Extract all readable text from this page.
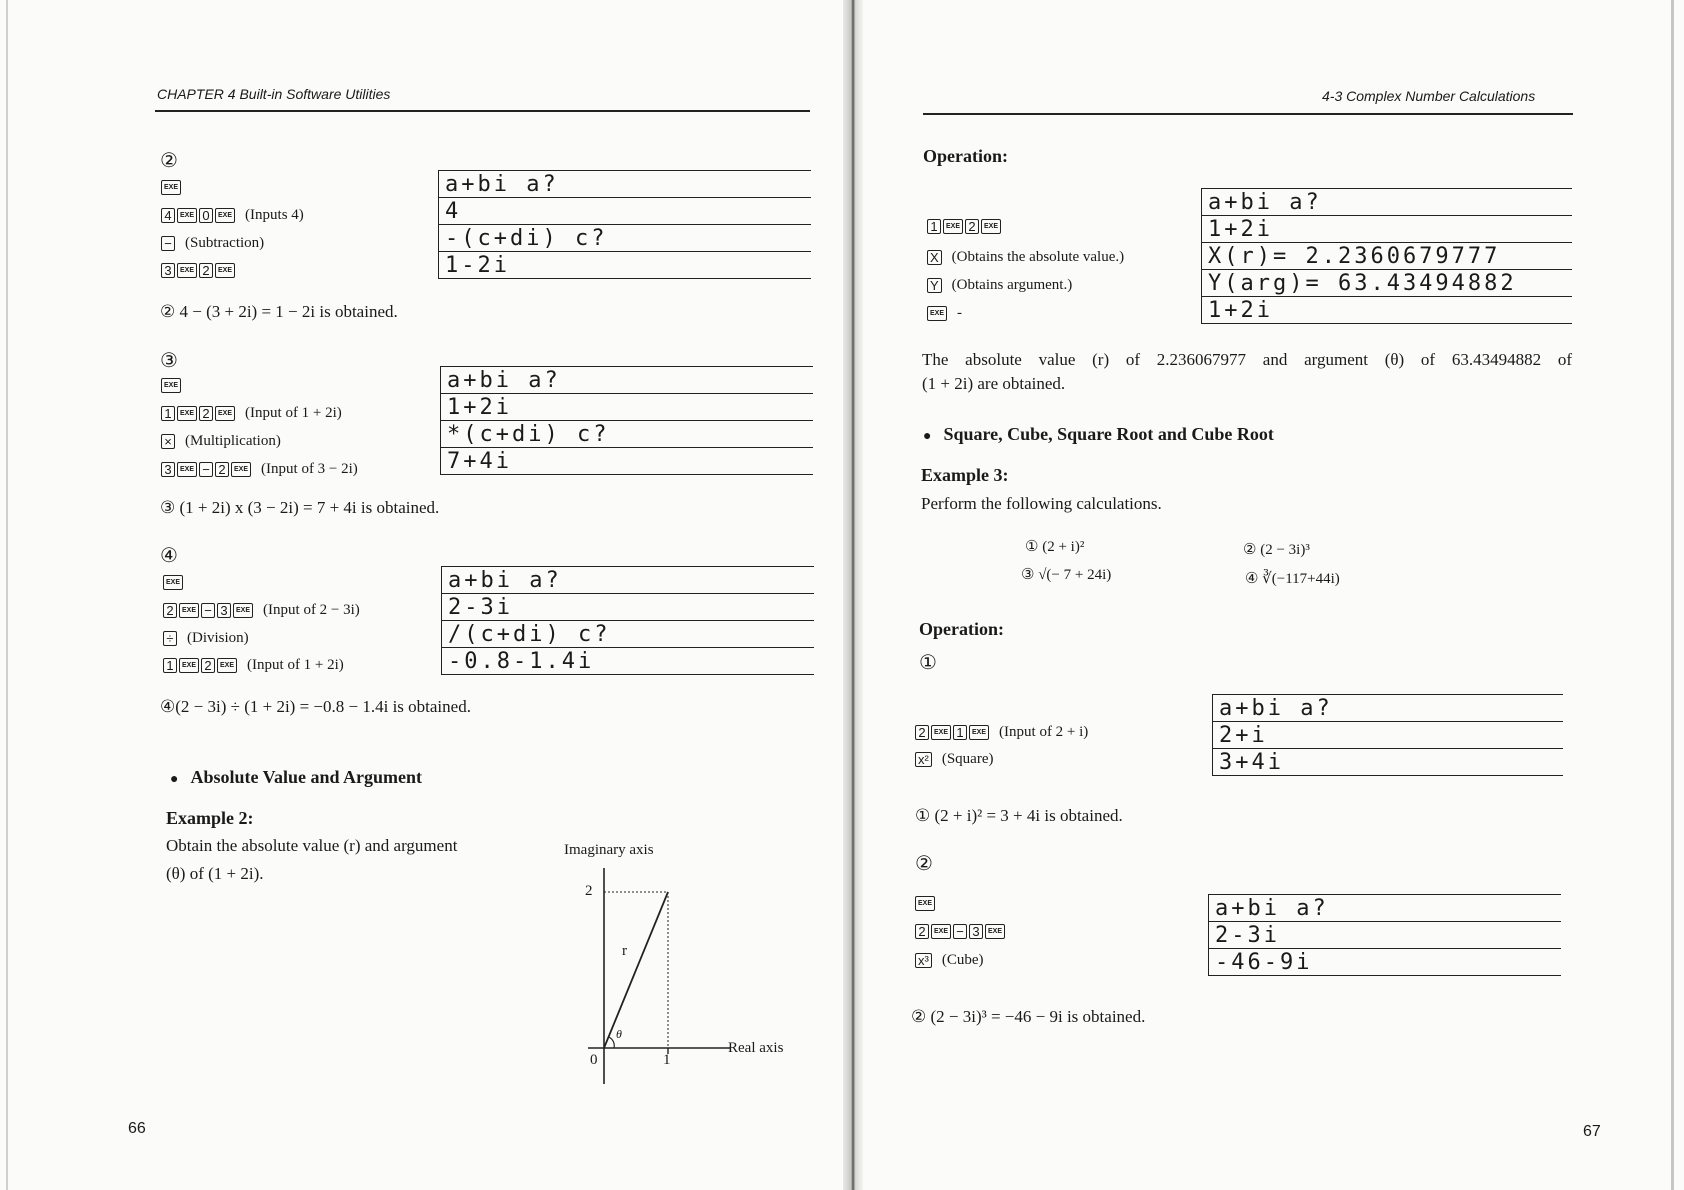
CHAPTER 4 Built-in Software Utilities
②
EXE
4	EXE 0	EXE (Inputs 4)
− (Subtraction)
3	EXE 2	EXE
a+bi a?
4
-(c+di) c?
1-2i
② 4 − (3 + 2i) = 1 − 2i is obtained.
③
EXE
1	EXE 2	EXE (Input of 1 + 2i)
× (Multiplication)
3	EXE − 2	EXE (Input of 3 − 2i)
a+bi a?
1+2i
*(c+di) c?
7+4i
③ (1 + 2i) x (3 − 2i) = 7 + 4i is obtained.
④
EXE
2	EXE − 3	EXE (Input of 2 − 3i)
÷ (Division)
1	EXE 2	EXE (Input of 1 + 2i)
a+bi a?
2-3i
/(c+di) c?
-0.8-1.4i
④(2 − 3i) ÷ (1 + 2i) = −0.8 − 1.4i is obtained.
● Absolute Value and Argument
Example 2:
Obtain the absolute value (r) and argument
(θ) of (1 + 2i).
Imaginary axis
2
r
θ
0	1
Real axis
66
4-3 Complex Number Calculations
Operation:
1	EXE 2	EXE
X (Obtains the absolute value.)
Y (Obtains argument.)
EXE -
a+bi a?
1+2i
X(r)= 2.2360679777
Y(arg)= 63.43494882
1+2i
The absolute value (r) of 2.236067977 and argument (θ) of 63.43494882 of
(1 + 2i) are obtained.
● Square, Cube, Square Root and Cube Root
Example 3:
Perform the following calculations.
① (2 + i)²	② (2 − 3i)³
③ √(− 7 + 24i)	④ ∛(−117+44i)
Operation:
①
2	EXE 1	EXE (Input of 2 + i)
x² (Square)
a+bi a?
2+i
3+4i
① (2 + i)² = 3 + 4i is obtained.
②
EXE
2	EXE − 3	EXE
x³ (Cube)
a+bi a?
2-3i
-46-9i
② (2 − 3i)³ = −46 − 9i is obtained.
67
